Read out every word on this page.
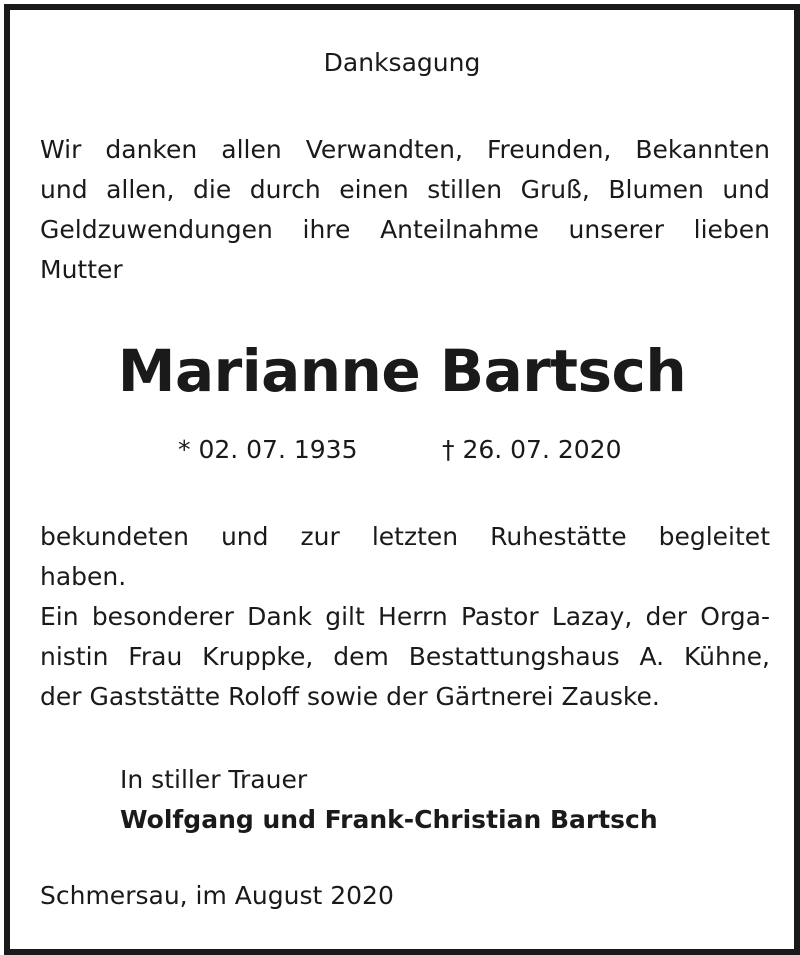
Danksagung

Wir danken allen Verwandten, Freunden, Bekannten
und allen, die durch einen stillen Gruß, Blumen und
Geldzuwendungen ihre Anteilnahme unserer lieben
Mutter

Marianne Bartsch
* 02. 07. 1935	† 26. 07. 2020

bekundeten und zur letzten Ruhestätte begleitet
haben.
Ein besonderer Dank gilt Herrn Pastor Lazay, der Orga-
nistin Frau Kruppke, dem Bestattungshaus A. Kühne,
der Gaststätte Roloff sowie der Gärtnerei Zauske.

In stiller Trauer
Wolfgang und Frank-Christian Bartsch
Schmersau, im August 2020
